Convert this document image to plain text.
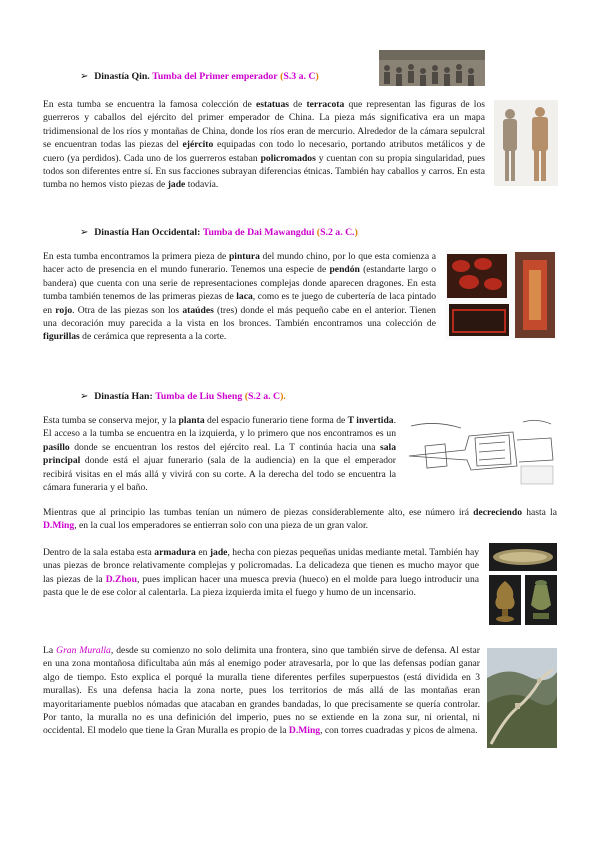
➢ Dinastía Qin. Tumba del Primer emperador (S.3 a. C)
En esta tumba se encuentra la famosa colección de estatuas de terracota que representan las figuras de los guerreros y caballos del ejército del primer emperador de China. La pieza más significativa era un mapa tridimensional de los ríos y montañas de China, donde los ríos eran de mercurio. Alrededor de la cámara sepulcral se encuentran todas las piezas del ejército equipadas con todo lo necesario, portando atributos metálicos y de cuero (ya perdidos). Cada uno de los guerreros estaban policromados y cuentan con su propia singularidad, pues todos son diferentes entre sí. En sus facciones subrayan diferencias étnicas. También hay caballos y carros. En esta tumba no hemos visto piezas de jade todavía.
➢ Dinastía Han Occidental: Tumba de Dai Mawangdui (S.2 a. C.)
En esta tumba encontramos la primera pieza de pintura del mundo chino, por lo que esta comienza a hacer acto de presencia en el mundo funerario. Tenemos una especie de pendón (estandarte largo o bandera) que cuenta con una serie de representaciones complejas donde aparecen dragones. En esta tumba también tenemos de las primeras piezas de laca, como es te juego de cubertería de laca pintado en rojo. Otra de las piezas son los ataúdes (tres) donde el más pequeño cabe en el anterior. Tienen una decoración muy parecida a la vista en los bronces. También encontramos una colección de figurillas de cerámica que representa a la corte.
➢ Dinastía Han: Tumba de Liu Sheng (S.2 a. C).
Esta tumba se conserva mejor, y la planta del espacio funerario tiene forma de T invertida. El acceso a la tumba se encuentra en la izquierda, y lo primero que nos encontramos es un pasillo donde se encuentran los restos del ejército real. La T continúa hacia una sala principal donde está el ajuar funerario (sala de la audiencia) en la que el emperador recibirá visitas en el más allá y vivirá con su corte. A la derecha del todo se encuentra la cámara funeraria y el baño.
Mientras que al principio las tumbas tenían un número de piezas considerablemente alto, ese número irá decreciendo hasta la D.Ming, en la cual los emperadores se entierran solo con una pieza de un gran valor.
Dentro de la sala estaba esta armadura en jade, hecha con piezas pequeñas unidas mediante metal. También hay unas piezas de bronce relativamente complejas y policromadas. La delicadeza que tienen es mucho mayor que las piezas de la D.Zhou, pues implican hacer una muesca previa (hueco) en el molde para luego introducir una pasta que le de ese color al calentarla. La pieza izquierda imita el fuego y humo de un incensario.
La Gran Muralla, desde su comienzo no solo delimita una frontera, sino que también sirve de defensa. Al estar en una zona montañosa dificultaba aún más al enemigo poder atravesarla, por lo que las defensas podían ganar algo de tiempo. Esto explica el porqué la muralla tiene diferentes perfiles superpuestos (está dividida en 3 murallas). Es una defensa hacia la zona norte, pues los territorios de más allá de las montañas eran mayoritariamente pueblos nómadas que atacaban en grandes bandadas, lo que precisamente se quería controlar. Por tanto, la muralla no es una definición del imperio, pues no se extiende en la zona sur, ni oriental, ni occidental. El modelo que tiene la Gran Muralla es propio de la D.Ming, con torres cuadradas y picos de almena.
